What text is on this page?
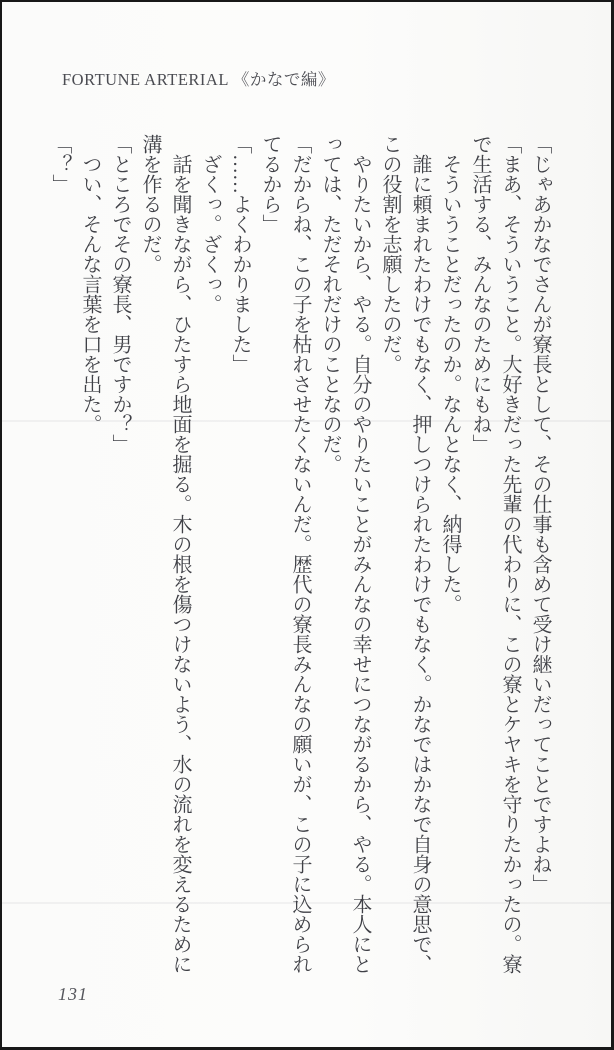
FORTUNE ARTERIAL 《かなで編》

「じゃあかなでさんが寮長として、その仕事も含めて受け継いだってことですよね」

「まあ、そういうこと。大好きだった先輩の代わりに、この寮とケヤキを守りたかったの。寮で生活する、みんなのためにもね」

そういうことだったのか。なんとなく、納得した。

誰に頼まれたわけでもなく、押しつけられたわけでもなく。かなではかなで自身の意思で、この役割を志願したのだ。

やりたいから、やる。自分のやりたいことがみんなの幸せにつながるから、やる。本人にとっては、ただそれだけのことなのだ。

「だからね、この子を枯れさせたくないんだ。歴代の寮長みんなの願いが、この子に込められてるから」

「……よくわかりました」

ざくっ。ざくっ。

話を聞きながら、ひたすら地面を掘る。木の根を傷つけないよう、水の流れを変えるために溝を作るのだ。

「ところでその寮長、男ですか？」

つい、そんな言葉を口を出た。

「？」

131
